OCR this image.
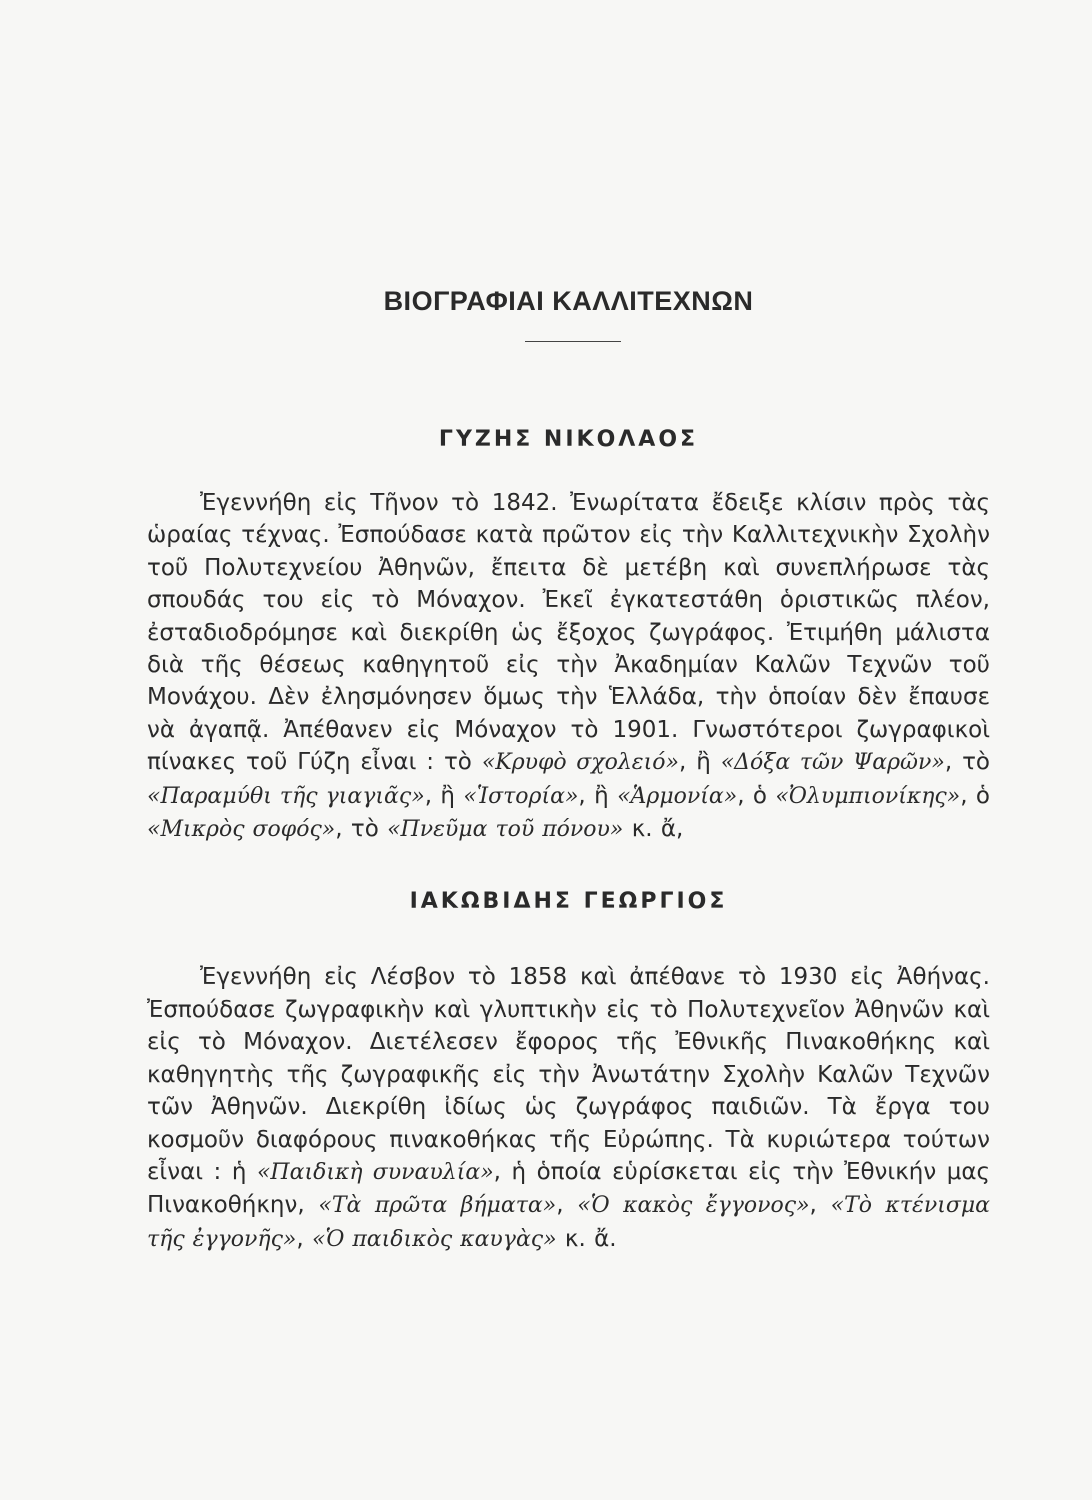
ΒΙΟΓΡΑΦΙΑΙ ΚΑΛΛΙΤΕΧΝΩΝ
ΓΥΖΗΣ ΝΙΚΟΛΑΟΣ

Ἐγεννήθη εἰς Τῆνον τὸ 1842. Ἐνωρίτατα ἔδειξε κλίσιν πρὸς τὰς ὡραίας τέχνας. Ἐσπούδασε κατὰ πρῶτον εἰς τὴν Καλλιτεχνικὴν Σχολὴν τοῦ Πολυτεχνείου Ἀθηνῶν, ἔπειτα δὲ μετέβη καὶ συνεπλήρωσε τὰς σπουδάς του εἰς τὸ Μόναχον. Ἐκεῖ ἐγκατεστάθη ὁριστικῶς πλέον, ἐσταδιοδρόμησε καὶ διεκρίθη ὡς ἔξοχος ζωγράφος. Ἐτιμήθη μάλιστα διὰ τῆς θέσεως καθηγητοῦ εἰς τὴν Ἀκαδημίαν Καλῶν Τεχνῶν τοῦ Μονάχου. Δὲν ἐλησμόνησεν ὅμως τὴν Ἑλλάδα, τὴν ὁποίαν δὲν ἔπαυσε νὰ ἀγαπᾷ. Ἀπέθανεν εἰς Μόναχον τὸ 1901. Γνωστότεροι ζωγραφικοὶ πίνακες τοῦ Γύζη εἶναι : τὸ «Κρυφὸ σχολειό», ἢ «Δόξα τῶν Ψαρῶν», τὸ «Παραμύθι τῆς γιαγιᾶς», ἢ «Ἱστορία», ἢ «Ἁρμονία», ὁ «Ὀλυμπιονίκης», ὁ «Μικρὸς σοφός», τὸ «Πνεῦμα τοῦ πόνου» κ. ἄ,

ΙΑΚΩΒΙΔΗΣ ΓΕΩΡΓΙΟΣ

Ἐγεννήθη εἰς Λέσβον τὸ 1858 καὶ ἀπέθανε τὸ 1930 εἰς Ἀθήνας. Ἐσπούδασε ζωγραφικὴν καὶ γλυπτικὴν εἰς τὸ Πολυτεχνεῖον Ἀθηνῶν καὶ εἰς τὸ Μόναχον. Διετέλεσεν ἔφορος τῆς Ἐθνικῆς Πινακοθήκης καὶ καθηγητὴς τῆς ζωγραφικῆς εἰς τὴν Ἀνωτάτην Σχολὴν Καλῶν Τεχνῶν τῶν Ἀθηνῶν. Διεκρίθη ἰδίως ὡς ζωγράφος παιδιῶν. Τὰ ἔργα του κοσμοῦν διαφόρους πινακοθήκας τῆς Εὐρώπης. Τὰ κυριώτερα τούτων εἶναι : ἡ «Παιδικὴ συναυλία», ἡ ὁποία εὑρίσκεται εἰς τὴν Ἐθνικήν μας Πινακοθήκην, «Τὰ πρῶτα βήματα», «Ὁ κακὸς ἔγγονος», «Τὸ κτένισμα τῆς ἐγγονῆς», «Ὁ παιδικὸς καυγὰς» κ. ἄ.
